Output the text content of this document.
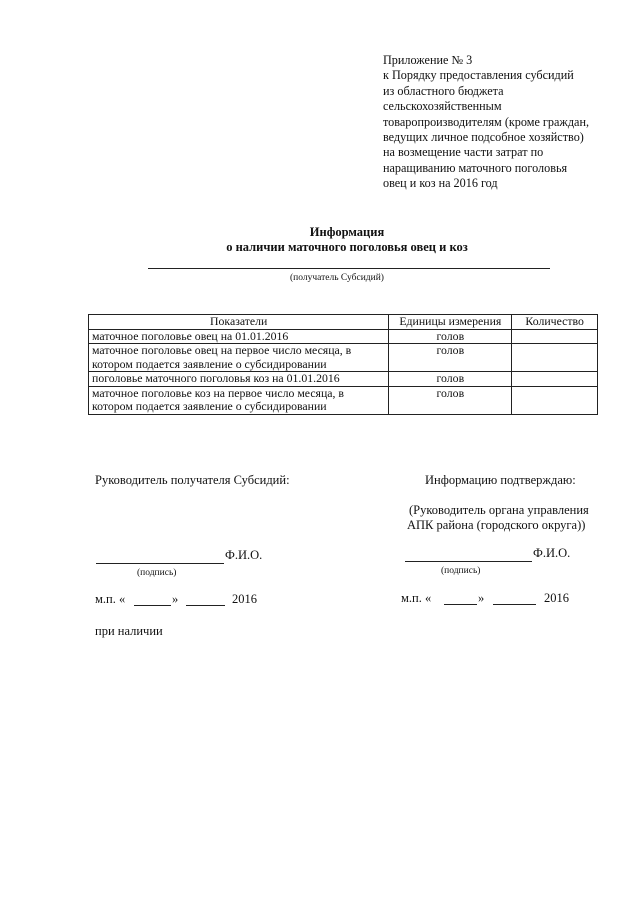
Приложение № 3
к Порядку предоставления субсидий
из областного бюджета
сельскохозяйственным
товаропроизводителям (кроме граждан,
ведущих личное подсобное хозяйство)
на возмещение части затрат по
наращиванию маточного поголовья
овец и коз на 2016 год
Информация
о наличии маточного поголовья овец и коз
(получатель Субсидий)
Показатели	Единицы измерения	Количество
маточное поголовье овец на 01.01.2016	голов	
маточное поголовье овец на первое число месяца, в котором подается заявление о субсидировании	голов	
поголовье маточного поголовья коз на 01.01.2016	голов	
маточное поголовье коз на первое число месяца, в котором подается заявление о субсидировании	голов	
Руководитель получателя Субсидий:
Ф.И.О.
(подпись)
м.п. «	»	2016
при наличии
Информацию подтверждаю:
(Руководитель органа управления
АПК района (городского округа))
Ф.И.О.
(подпись)
м.п. «	»	2016
